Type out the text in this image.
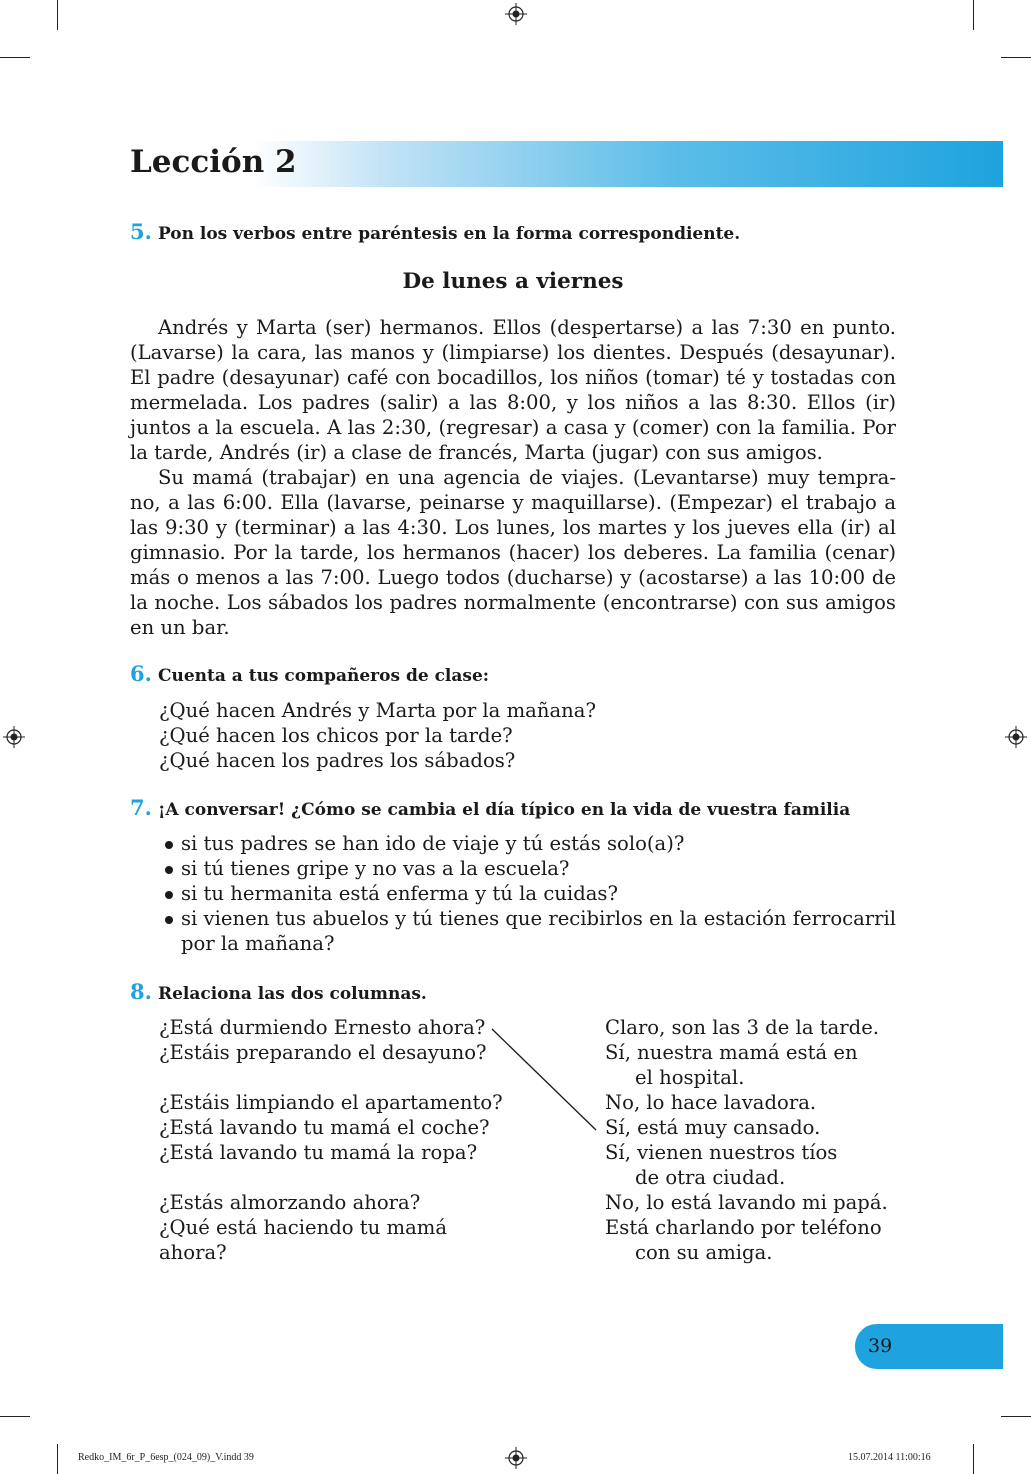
Lección 2
5. Pon los verbos entre paréntesis en la forma correspondiente.
De lunes a viernes

Andrés y Marta (ser) hermanos. Ellos (despertarse) a las 7:30 en punto. (Lavarse) la cara, las manos y (limpiarse) los dientes. Después (desayunar). El padre (desayunar) café con bocadillos, los niños (tomar) té y tostadas con mermelada. Los padres (salir) a las 8:00, y los niños a las 8:30. Ellos (ir) juntos a la escuela. A las 2:30, (regresar) a casa y (comer) con la familia. Por la tarde, Andrés (ir) a clase de francés, Marta (jugar) con sus amigos.

Su mamá (trabajar) en una agencia de viajes. (Levantarse) muy temprano, a las 6:00. Ella (lavarse, peinarse y maquillarse). (Empezar) el trabajo a las 9:30 y (terminar) a las 4:30. Los lunes, los martes y los jueves ella (ir) al gimnasio. Por la tarde, los hermanos (hacer) los deberes. La familia (cenar) más o menos a las 7:00. Luego todos (ducharse) y (acostarse) a las 10:00 de la noche. Los sábados los padres normalmente (encontrarse) con sus amigos en un bar.

6. Cuenta a tus compañeros de clase:
¿Qué hacen Andrés y Marta por la mañana?
¿Qué hacen los chicos por la tarde?
¿Qué hacen los padres los sábados?
7. ¡A conversar! ¿Cómo se cambia el día típico en la vida de vuestra familia
si tus padres se han ido de viaje y tú estás solo(a)?
si tú tienes gripe y no vas a la escuela?
si tu hermanita está enferma y tú la cuidas?
si vienen tus abuelos y tú tienes que recibirlos en la estación ferrocarril por la mañana?
8. Relaciona las dos columnas.
¿Está durmiendo Ernesto ahora?
¿Estáis preparando el desayuno?

¿Estáis limpiando el apartamento?
¿Está lavando tu mamá el coche?
¿Está lavando tu mamá la ropa?

¿Estás almorzando ahora?
¿Qué está haciendo tu mamá
ahora?
Claro, son las 3 de la tarde.
Sí, nuestra mamá está en
el hospital.
No, lo hace lavadora.
Sí, está muy cansado.
Sí, vienen nuestros tíos
de otra ciudad.
No, lo está lavando mi papá.
Está charlando por teléfono
con su amiga.
39
Redko_IM_6r_P_6esp_(024_09)_V.indd 39	15.07.2014 11:00:16
